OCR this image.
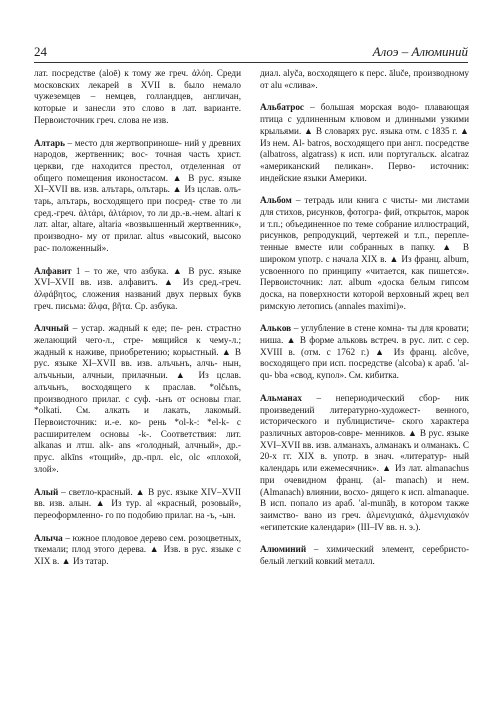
24	Алоэ – Алюминий

лат. посредстве (aloē) к тому же греч. ἀλόη. Среди московских лекарей в XVII в. было немало чужеземцев – немцев, голландцев, англичан, которые и занесли это слово в лат. варианте. Первоисточник греч. слова не изв.

Алтарь – место для жертвоприноше- ний у древних народов, жертвенник; вос- точная часть христ. церкви, где находится престол, отделенная от общего помещения иконостасом. ▲ В рус. языке XI–XVII вв. изв. алътарь, олътарь. ▲ Из цслав. олъ- тарь, алътарь, восходящего при посред- стве то ли сред.-греч. ἀλτάρι, ἀλτάριον, то ли др.-в.-нем. altari к лат. altar, altare, altaria «возвышенный жертвенник», производно- му от прилаг. altus «высокий, высоко рас- положенный».

Алфавит 1 – то же, что азбука. ▲ В рус. языке XVI–XVII вв. изв. алфавитъ. ▲ Из сред.-греч. ἀλφάβητος, сложения названий двух первых букв греч. письма: ἄλφα, βῆτα. Ср. азбука.

Алчный – устар. жадный к еде; пе- рен. страстно желающий чего-л., стре- мящийся к чему-л.; жадный к наживе, приобретению; корыстный. ▲ В рус. языке XI–XVII вв. изв. алъчьнъ, алчь- нын, алъчьныи, алчныи, прилачныи. ▲ Из цслав. алъчьнъ, восходящего к праслав. *olčьnъ, производного прилаг. с суф. -ьнъ от основы глаг. *olkati. См. алкать и лакать, лакомый. Первоисточник: и.-е. ко- рень *ol-k-: *el-k- с расширителем основы -k-. Соответствия: лит. alkanas и лтш. alk- ans «голодный, алчный», др.-прус. alkīns «тощий», др.-прл. elc, olc «плохой, злой».

Алый – светло-красный. ▲ В рус. языке XIV–XVII вв. изв. алын. ▲ Из тур. al «красный, розовый», переоформленно- го по подобию прилаг. на -ъ, -ын.

Алыча – южное плодовое дерево сем. розоцветных, ткемали; плод этого дерева. ▲ Изв. в рус. языке с XIX в. ▲ Из татар.

диал. alyča, восходящего к перс. āluče, производному от alu «слива».

Альбатрос – большая морская водо- плавающая птица с удлиненным клювом и длинными узкими крыльями. ▲ В словарях рус. языка отм. с 1835 г. ▲ Из нем. Al- batros, восходящего при англ. посредстве (albatross, algatrass) к исп. или португальск. alcatraz «американский пеликан». Перво- источник: индейские языки Америки.

Альбом – тетрадь или книга с чисты- ми листами для стихов, рисунков, фотогра- фий, открыток, марок и т.п.; объединенное по теме собрание иллюстраций, рисунков, репродукций, чертежей и т.п., перепле- тенные вместе или собранных в папку. ▲ В широком употр. с начала XIX в. ▲ Из франц. album, усвоенного по принципу «читается, как пишется». Первоисточник: лат. album «доска белым гипсом доска, на поверхности которой верховный жрец вел римскую летопись (annales maximi)».

Альков – углубление в стене комна- ты для кровати; ниша. ▲ В форме альковь встреч. в рус. лит. с сер. XVIII в. (отм. с 1762 г.) ▲ Из франц. alcôve, восходящего при исп. посредстве (alcoba) к араб. 'al-qu- bba «свод, купол». См. кибитка.

Альманах – непериодический сбор- ник произведений литературно-художест- венного, исторического и публицистиче- ского характера различных авторов-совре- менников. ▲ В рус. языке XVI–XVII вв. изв. алманахъ, алманакъ и олманакъ. С 20-х гг. XIX в. употр. в знач. «литератур- ный календарь или ежемесячник». ▲ Из лат. almanachus при очевидном франц. (al- manach) и нем. (Almanach) влиянии, восхо- дящего к исп. almanaque. В исп. попало из араб. 'al-munāḫ, в котором также заимство- вано из греч. ἀλμενιχιακά, ἀλμενιχιακόν «египетские календари» (III–IV вв. н. э.).

Алюминий – химический элемент, серебристо-белый легкий ковкий металл.
